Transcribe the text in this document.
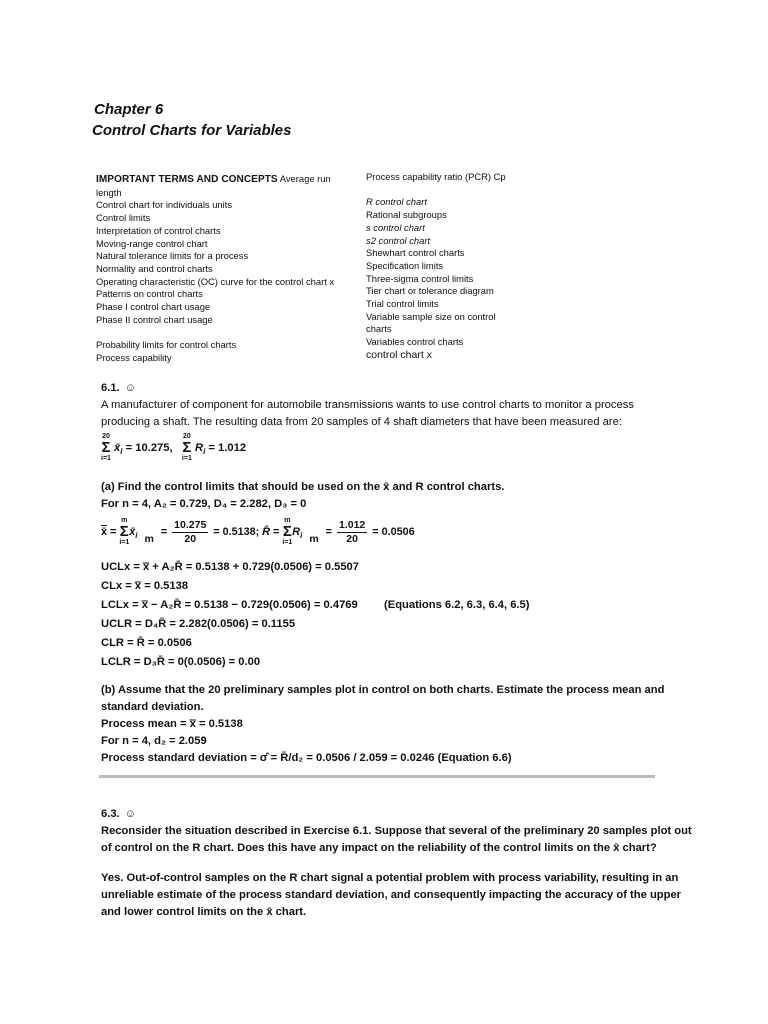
Chapter 6
Control Charts for Variables
IMPORTANT TERMS AND CONCEPTS Average run
length
Control chart for individuals units
Control limits
Interpretation of control charts
Moving-range control chart
Natural tolerance limits for a process
Normality and control charts
Operating characteristic (OC) curve for the control chart x
Patterns on control charts
Phase I control chart usage
Phase II control chart usage
Probability limits for control charts
Process capability
Process capability ratio (PCR) Cp
R control chart
Rational subgroups
s control chart
s2 control chart
Shewhart control charts
Specification limits
Three-sigma control limits
Tier chart or tolerance diagram
Trial control limits
Variable sample size on control
charts
Variables control charts
control chart x
6.1. ☺
A manufacturer of component for automobile transmissions wants to use control charts to monitor a process
producing a shaft. The resulting data from 20 samples of 4 shaft diameters that have been measured are:
20
Σ
i=1 $x̄_i = 10.275$,   20
Σ
i=1 $R_i = 1.012$
(a) Find the control limits that should be used on the x̄ and R control charts.
For n = 4, A₂ = 0.729, D₄ = 2.282, D₃ = 0
x̄ = m
Σ
$i=1x̄_i$ m
= $\frac{10.275}{20} = 0.5138$; R̄ = m
Σ
$i=1R_i$ m
= $\frac{1.012}{20} = 0.0506$
UCLx = x̿ + A₂R̄ = 0.5138 + 0.729(0.0506) = 0.5507
CLx = x̿ = 0.5138
LCLx = x̿ − A₂R̄ = 0.5138 − 0.729(0.0506) = 0.4769 (Equations 6.2, 6.3, 6.4, 6.5)
UCLR = D₄R̄ = 2.282(0.0506) = 0.1155
CLR = R̄ = 0.0506
LCLR = D₃R̄ = 0(0.0506) = 0.00
(b) Assume that the 20 preliminary samples plot in control on both charts. Estimate the process mean and
standard deviation.
Process mean = x̿ = 0.5138
For n = 4, d₂ = 2.059
Process standard deviation = σ̂ = R̄/d₂ = 0.0506 / 2.059 = 0.0246 (Equation 6.6)
6.3. ☺
Reconsider the situation described in Exercise 6.1. Suppose that several of the preliminary 20 samples plot out
of control on the R chart. Does this have any impact on the reliability of the control limits on the x̄ chart?
Yes. Out-of-control samples on the R chart signal a potential problem with process variability, resulting in an
unreliable estimate of the process standard deviation, and consequently impacting the accuracy of the upper
and lower control limits on the x̄ chart.
